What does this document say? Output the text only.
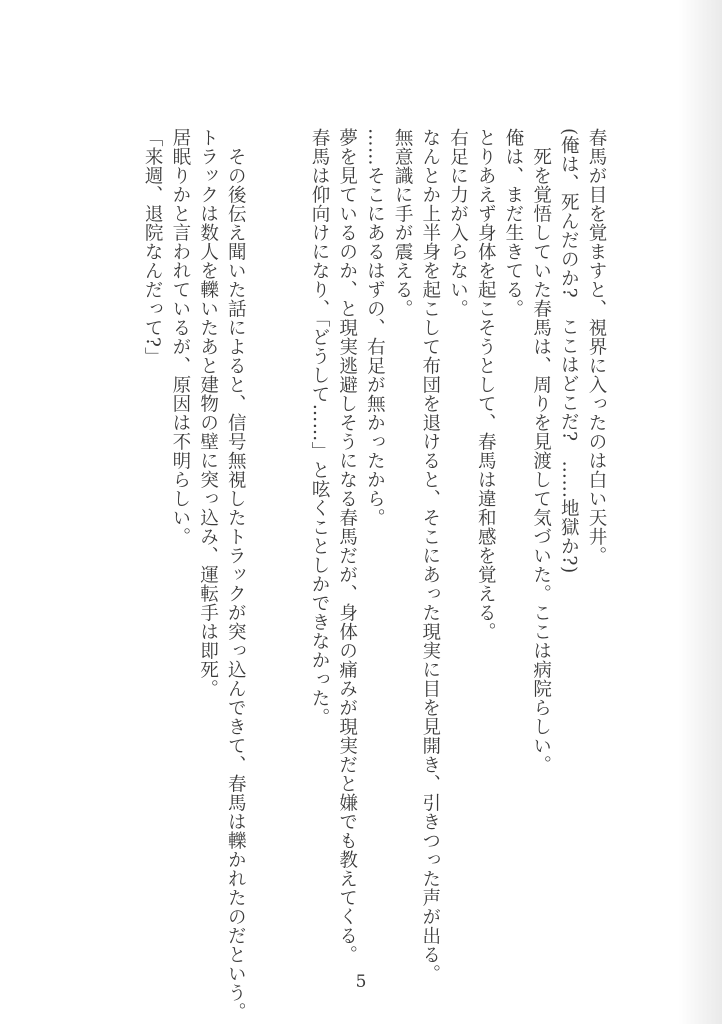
春馬が目を覚ますと、視界に入ったのは白い天井。
(俺は、死んだのか?　ここはどこだ?　……地獄か?)
　死を覚悟していた春馬は、周りを見渡して気づいた。ここは病院らしい。
俺は、まだ生きてる。
とりあえず身体を起こそうとして、春馬は違和感を覚える。
右足に力が入らない。
なんとか上半身を起こして布団を退けると、そこにあった現実に目を見開き、引きつった声が出る。
無意識に手が震える。
……そこにあるはずの、右足が無かったから。
夢を見ているのか、と現実逃避しそうになる春馬だが、身体の痛みが現実だと嫌でも教えてくる。
春馬は仰向けになり、「どうして……」と呟くことしかできなかった。
　その後伝え聞いた話によると、信号無視したトラックが突っ込んできて、春馬は轢かれたのだという。
トラックは数人を轢いたあと建物の壁に突っ込み、運転手は即死。
居眠りかと言われているが、原因は不明らしい。
「来週、退院なんだって?」
5
